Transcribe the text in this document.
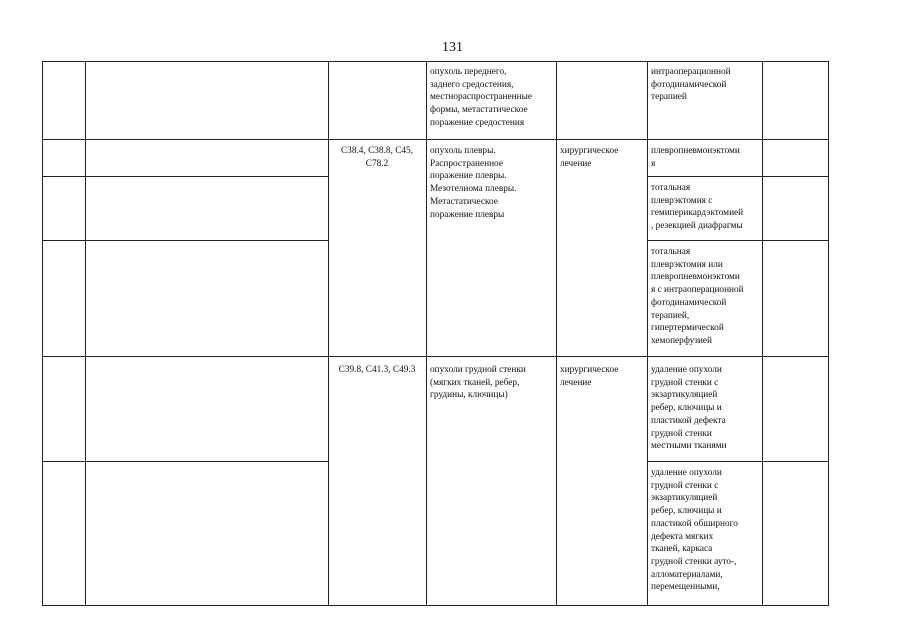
131
опухоль переднего,
заднего средостения,
местнораспространенные
формы, метастатическое
поражение средостения
интраоперационной
фотодинамической
терапией
C38.4, C38.8, C45,
C78.2
опухоль плевры.
Распространенное
поражение плевры.
Мезотелиома плевры.
Метастатическое
поражение плевры
хирургическое
лечение
плевропневмонэктоми
я
тотальная
плеврэктомия с
гемиперикардэктомией
, резекцией диафрагмы
тотальная
плеврэктомия или
плевропневмонэктоми
я с интраоперационной
фотодинамической
терапией,
гипертермической
хемоперфузией
C39.8, C41.3, C49.3	опухоли грудной стенки
(мягких тканей, ребер,
грудины, ключицы)
хирургическое
лечение
удаление опухоли
грудной стенки с
экзартикуляцией
ребер, ключицы и
пластикой дефекта
грудной стенки
местными тканями
удаление опухоли
грудной стенки с
экзартикуляцией
ребер, ключицы и
пластикой обширного
дефекта мягких
тканей, каркаса
грудной стенки ауто-,
алломатериалами,
перемещенными,
